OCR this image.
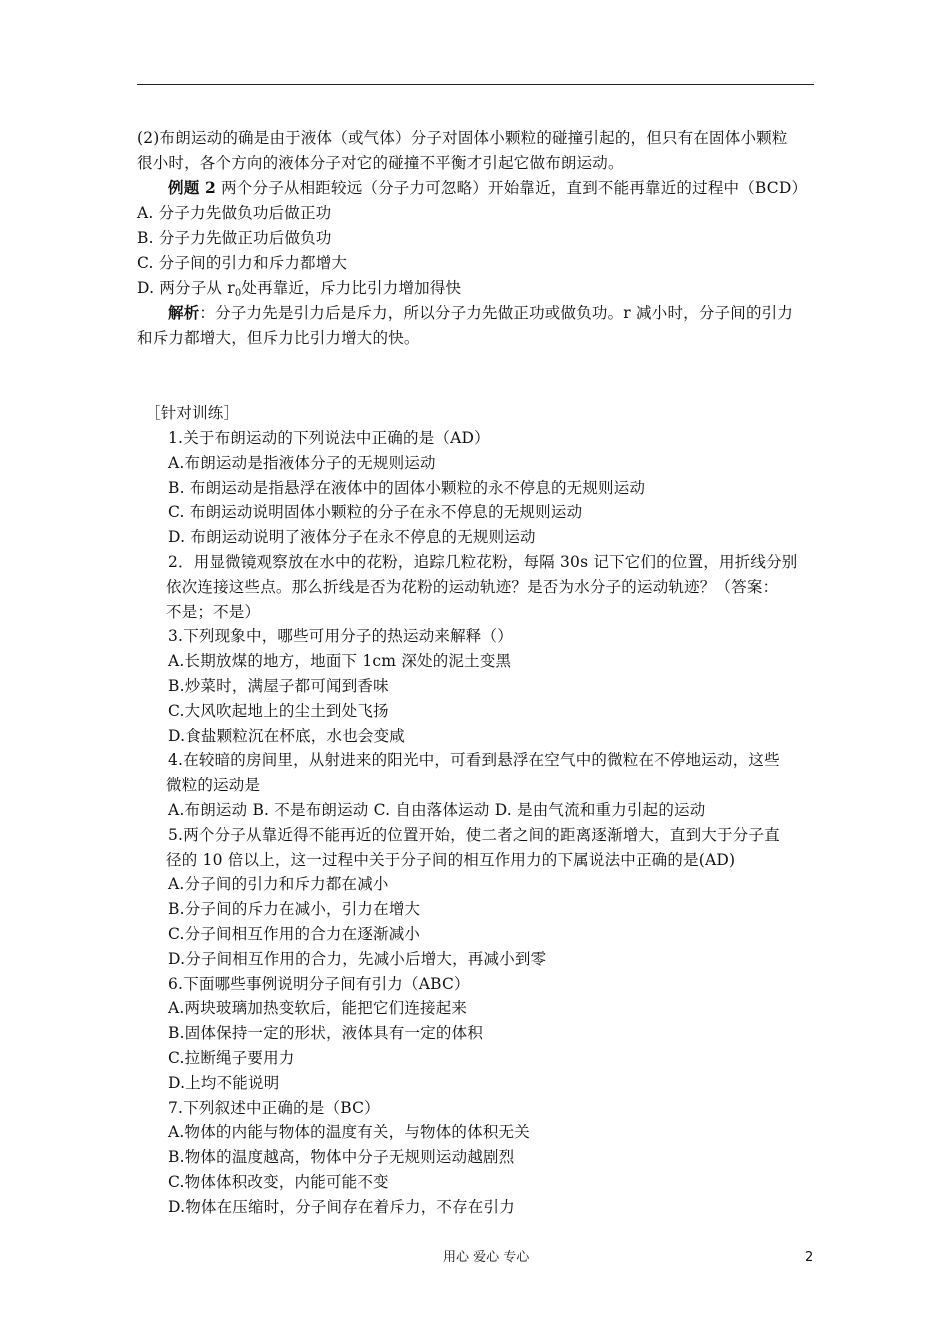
(2)布朗运动的确是由于液体（或气体）分子对固体小颗粒的碰撞引起的，但只有在固体小颗粒
很小时，各个方向的液体分子对它的碰撞不平衡才引起它做布朗运动。
例题 2 两个分子从相距较远（分子力可忽略）开始靠近，直到不能再靠近的过程中（BCD）
A. 分子力先做负功后做正功
B. 分子力先做正功后做负功
C. 分子间的引力和斥力都增大
D. 两分子从 $r_0$处再靠近，斥力比引力增加得快
解析：分子力先是引力后是斥力，所以分子力先做正功或做负功。r 减小时，分子间的引力
和斥力都增大，但斥力比引力增大的快。
［针对训练］
1.关于布朗运动的下列说法中正确的是（AD）
A.布朗运动是指液体分子的无规则运动
B. 布朗运动是指悬浮在液体中的固体小颗粒的永不停息的无规则运动
C. 布朗运动说明固体小颗粒的分子在永不停息的无规则运动
D. 布朗运动说明了液体分子在永不停息的无规则运动
2．用显微镜观察放在水中的花粉，追踪几粒花粉，每隔 30s 记下它们的位置，用折线分别
依次连接这些点。那么折线是否为花粉的运动轨迹？是否为水分子的运动轨迹？（答案：
不是；不是）
3.下列现象中，哪些可用分子的热运动来解释（）
A.长期放煤的地方，地面下 1cm 深处的泥土变黑
B.炒菜时，满屋子都可闻到香味
C.大风吹起地上的尘土到处飞扬
D.食盐颗粒沉在杯底，水也会变咸
4.在较暗的房间里，从射进来的阳光中，可看到悬浮在空气中的微粒在不停地运动，这些
微粒的运动是
A.布朗运动 B. 不是布朗运动 C. 自由落体运动 D. 是由气流和重力引起的运动
5.两个分子从靠近得不能再近的位置开始，使二者之间的距离逐渐增大，直到大于分子直
径的 10 倍以上，这一过程中关于分子间的相互作用力的下属说法中正确的是(AD)
A.分子间的引力和斥力都在减小
B.分子间的斥力在减小，引力在增大
C.分子间相互作用的合力在逐渐减小
D.分子间相互作用的合力，先减小后增大，再减小到零
6.下面哪些事例说明分子间有引力（ABC）
A.两块玻璃加热变软后，能把它们连接起来
B.固体保持一定的形状，液体具有一定的体积
C.拉断绳子要用力
D.上均不能说明
7.下列叙述中正确的是（BC）
A.物体的内能与物体的温度有关，与物体的体积无关
B.物体的温度越高，物体中分子无规则运动越剧烈
C.物体体积改变，内能可能不变
D.物体在压缩时，分子间存在着斥力，不存在引力
用心 爱心 专心	2
